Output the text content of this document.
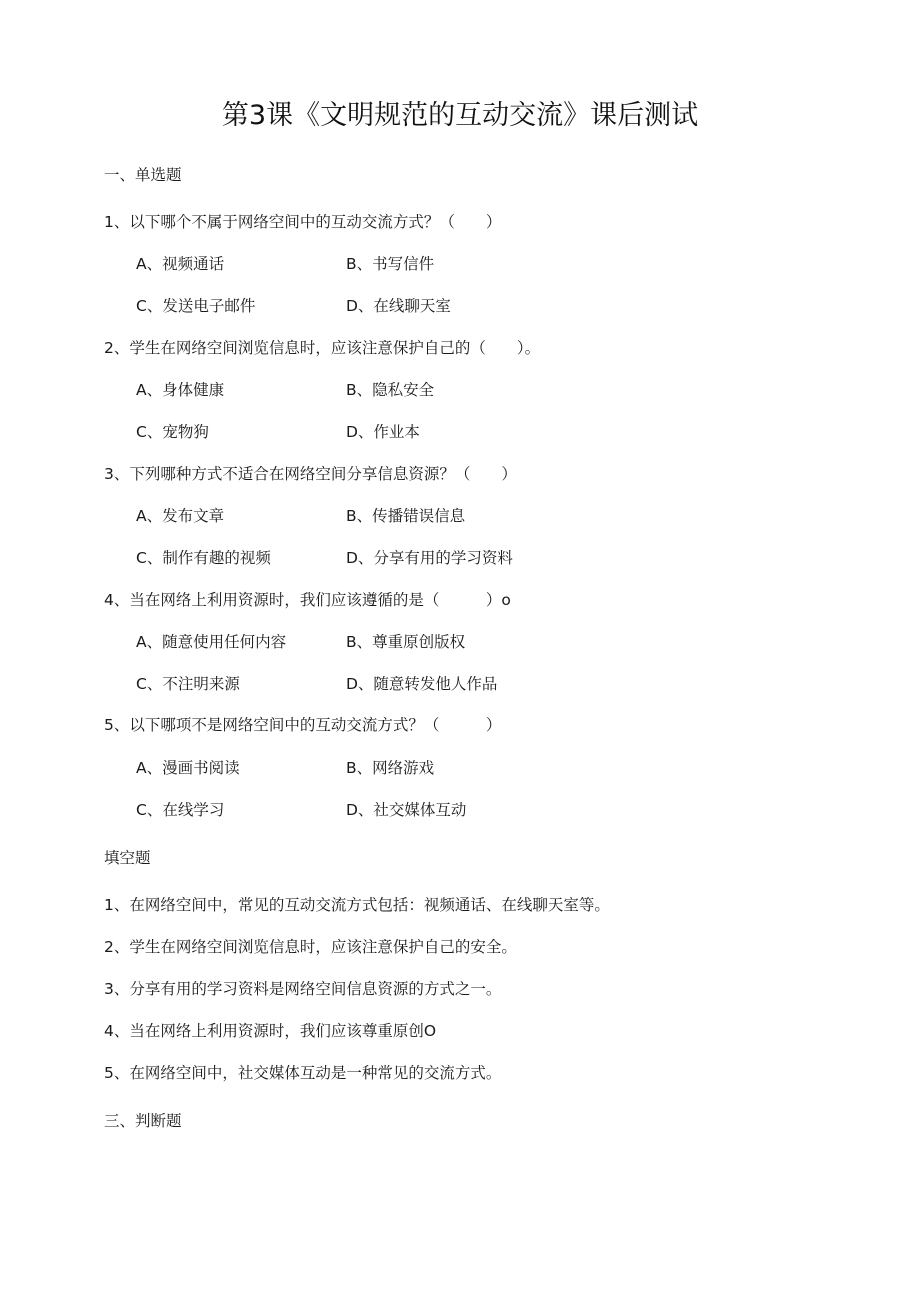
第3课《文明规范的互动交流》课后测试
一、单选题
1、以下哪个不属于网络空间中的互动交流方式？（　　）
A、视频通话	B、书写信件
C、发送电子邮件	D、在线聊天室
2、学生在网络空间浏览信息时，应该注意保护自己的（　　）。
A、身体健康	B、隐私安全
C、宠物狗	D、作业本
3、下列哪种方式不适合在网络空间分享信息资源？（　　）
A、发布文章	B、传播错误信息
C、制作有趣的视频	D、分享有用的学习资料
4、当在网络上利用资源时，我们应该遵循的是（　　　）o
A、随意使用任何内容	B、尊重原创版权
C、不注明来源	D、随意转发他人作品
5、以下哪项不是网络空间中的互动交流方式？（　　　）
A、漫画书阅读	B、网络游戏
C、在线学习	D、社交媒体互动
填空题
1、在网络空间中，常见的互动交流方式包括：视频通话、在线聊天室等。
2、学生在网络空间浏览信息时，应该注意保护自己的安全。
3、分享有用的学习资料是网络空间信息资源的方式之一。
4、当在网络上利用资源时，我们应该尊重原创O
5、在网络空间中，社交媒体互动是一种常见的交流方式。
三、判断题
